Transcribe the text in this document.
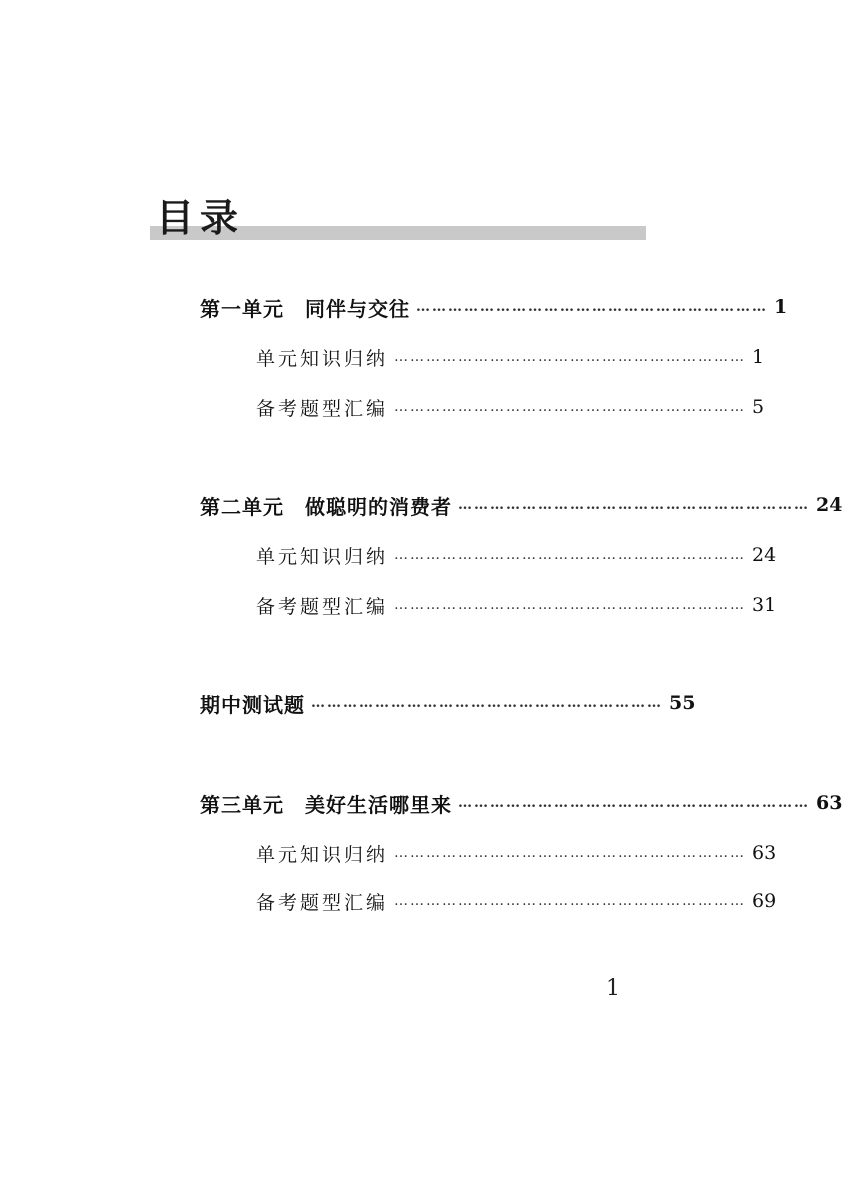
目录
第一单元　同伴与交往 ………………………………………………………… 1
单元知识归纳 ………………………………………………………… 1
备考题型汇编 ………………………………………………………… 5
第二单元　做聪明的消费者 ………………………………………………………… 24
单元知识归纳 ………………………………………………………… 24
备考题型汇编 ………………………………………………………… 31
期中测试题 ………………………………………………………… 55
第三单元　美好生活哪里来 ………………………………………………………… 63
单元知识归纳 ………………………………………………………… 63
备考题型汇编 ………………………………………………………… 69
1
